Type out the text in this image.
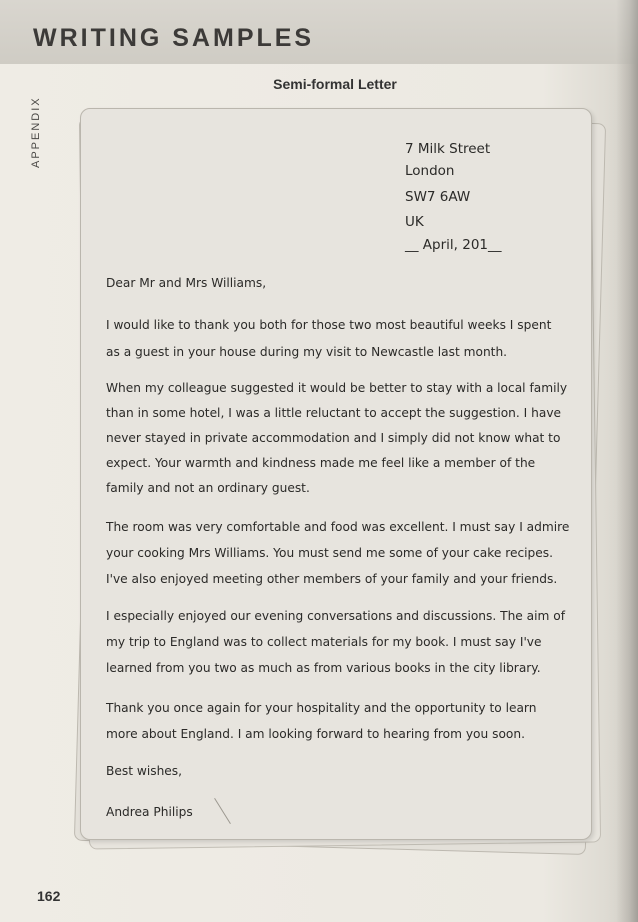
WRITING SAMPLES
APPENDIX
Semi-formal Letter
7 Milk Street
London
SW7 6AW
UK
__ April, 201__
Dear Mr and Mrs Williams,
I would like to thank you both for those two most beautiful weeks I spent
as a guest in your house during my visit to Newcastle last month.
When my colleague suggested it would be better to stay with a local family
than in some hotel, I was a little reluctant to accept the suggestion. I have
never stayed in private accommodation and I simply did not know what to
expect. Your warmth and kindness made me feel like a member of the
family and not an ordinary guest.
The room was very comfortable and food was excellent. I must say I admire
your cooking Mrs Williams. You must send me some of your cake recipes.
I've also enjoyed meeting other members of your family and your friends.
I especially enjoyed our evening conversations and discussions. The aim of
my trip to England was to collect materials for my book. I must say I've
learned from you two as much as from various books in the city library.
Thank you once again for your hospitality and the opportunity to learn
more about England. I am looking forward to hearing from you soon.
Best wishes,
Andrea Philips
162
